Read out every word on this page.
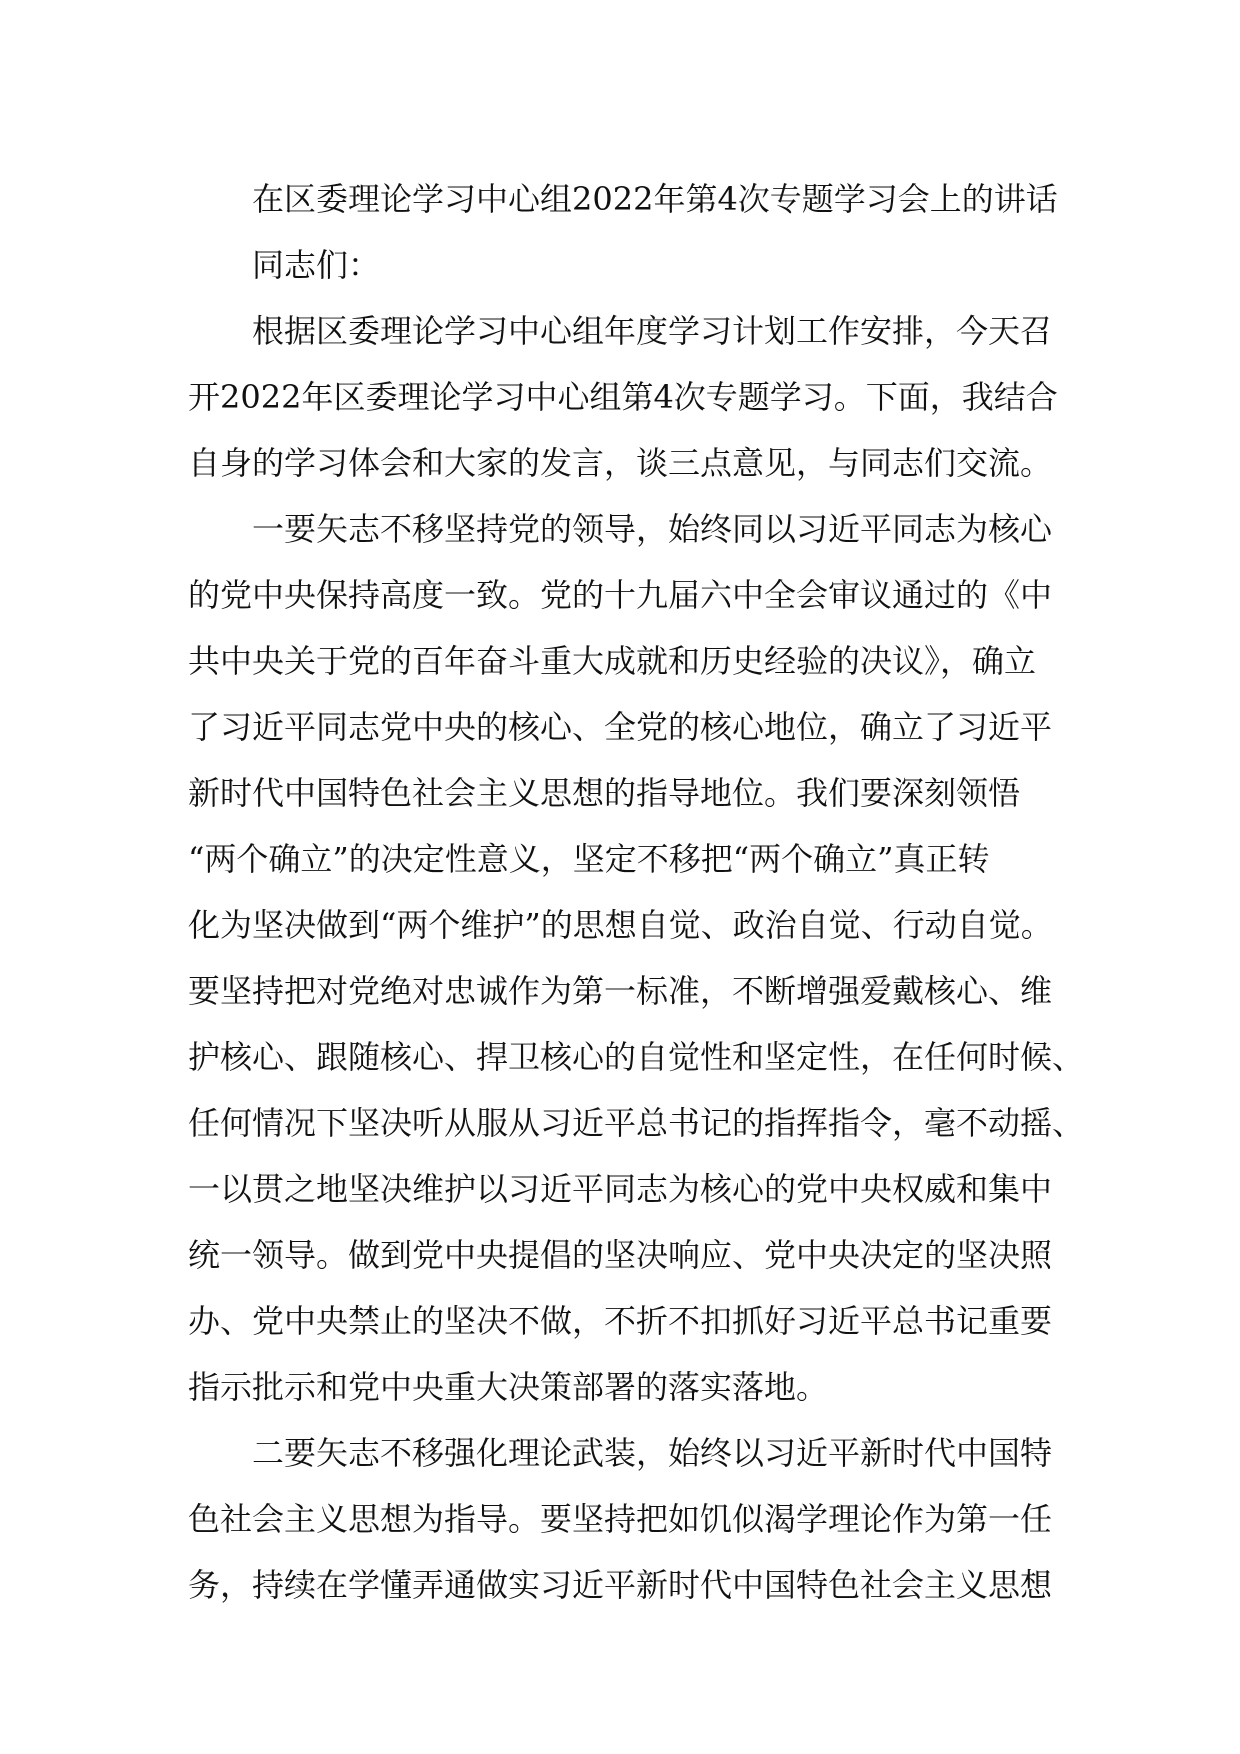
在区委理论学习中心组2022年第4次专题学习会上的讲话
同志们：
根据区委理论学习中心组年度学习计划工作安排，今天召
开2022年区委理论学习中心组第4次专题学习。下面，我结合
自身的学习体会和大家的发言，谈三点意见，与同志们交流。
一要矢志不移坚持党的领导，始终同以习近平同志为核心
的党中央保持高度一致。党的十九届六中全会审议通过的《中
共中央关于党的百年奋斗重大成就和历史经验的决议》，确立
了习近平同志党中央的核心、全党的核心地位，确立了习近平
新时代中国特色社会主义思想的指导地位。我们要深刻领悟
“两个确立”的决定性意义，坚定不移把“两个确立”真正转
化为坚决做到“两个维护”的思想自觉、政治自觉、行动自觉。
要坚持把对党绝对忠诚作为第一标准，不断增强爱戴核心、维
护核心、跟随核心、捍卫核心的自觉性和坚定性，在任何时候、
任何情况下坚决听从服从习近平总书记的指挥指令，毫不动摇、
一以贯之地坚决维护以习近平同志为核心的党中央权威和集中
统一领导。做到党中央提倡的坚决响应、党中央决定的坚决照
办、党中央禁止的坚决不做，不折不扣抓好习近平总书记重要
指示批示和党中央重大决策部署的落实落地。
二要矢志不移强化理论武装，始终以习近平新时代中国特
色社会主义思想为指导。要坚持把如饥似渴学理论作为第一任
务，持续在学懂弄通做实习近平新时代中国特色社会主义思想
